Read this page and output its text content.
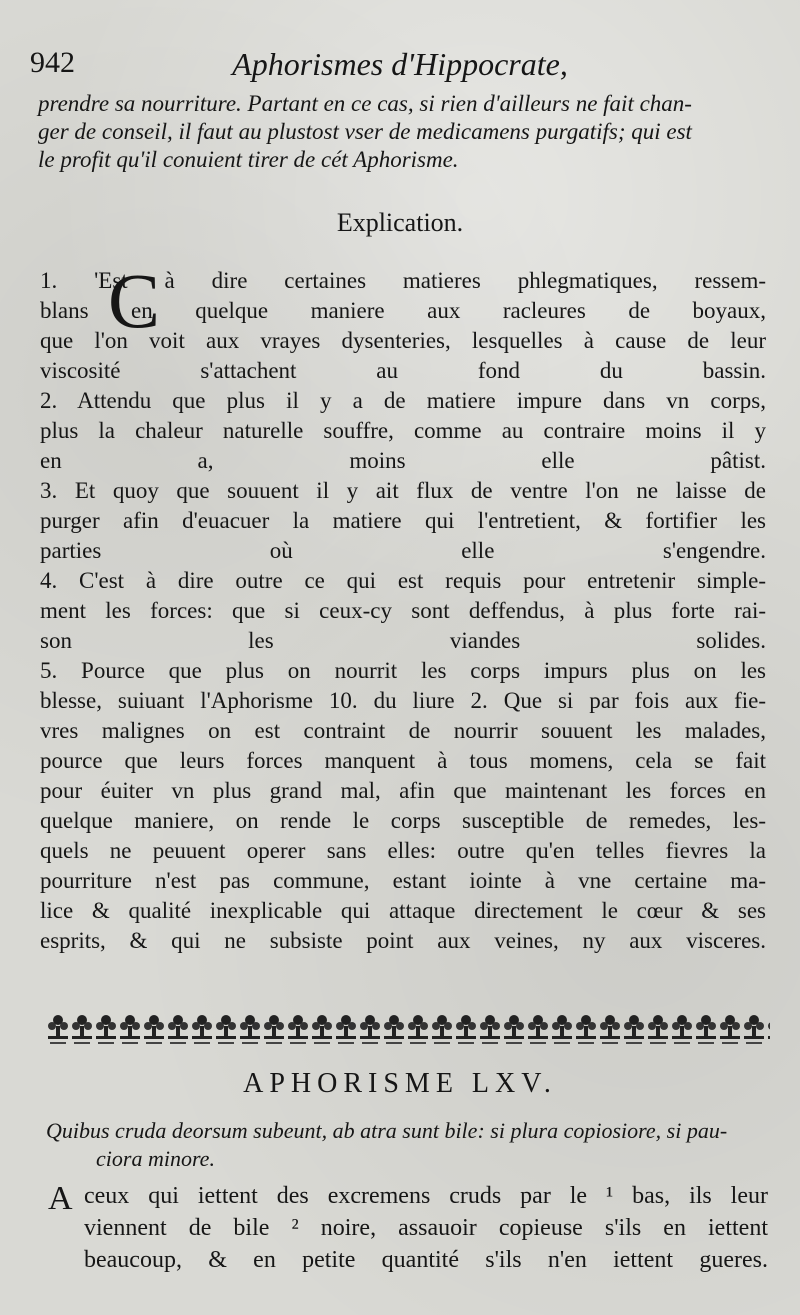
942	Aphorismes d'Hippocrate,
prendre sa nourriture. Partant en ce cas, si rien d'ailleurs ne fait chan-
ger de conseil, il faut au plustost vser de medicamens purgatifs; qui est
le profit qu'il conuient tirer de cét Aphorisme.
Explication.
C
1. 'Est à dire certaines matieres phlegmatiques, ressem-
blans en quelque maniere aux racleures de boyaux,
que l'on voit aux vrayes dysenteries, lesquelles à cause de leur
viscosité s'attachent au fond du bassin.
2. Attendu que plus il y a de matiere impure dans vn corps,
plus la chaleur naturelle souffre, comme au contraire moins il y
en a, moins elle pâtist.
3. Et quoy que souuent il y ait flux de ventre l'on ne laisse de
purger afin d'euacuer la matiere qui l'entretient, & fortifier les
parties où elle s'engendre.
4. C'est à dire outre ce qui est requis pour entretenir simple-
ment les forces: que si ceux-cy sont deffendus, à plus forte rai-
son les viandes solides.
5. Pource que plus on nourrit les corps impurs plus on les
blesse, suiuant l'Aphorisme 10. du liure 2. Que si par fois aux fie-
vres malignes on est contraint de nourrir souuent les malades,
pource que leurs forces manquent à tous momens, cela se fait
pour éuiter vn plus grand mal, afin que maintenant les forces en
quelque maniere, on rende le corps susceptible de remedes, les-
quels ne peuuent operer sans elles: outre qu'en telles fievres la
pourriture n'est pas commune, estant iointe à vne certaine ma-
lice & qualité inexplicable qui attaque directement le cœur & ses
esprits, & qui ne subsiste point aux veines, ny aux visceres.
APHORISME LXV.
Quibus cruda deorsum subeunt, ab atra sunt bile: si plura copiosiore, si pau-
ciora minore.
A ceux qui iettent des excremens cruds par le ¹ bas, ils leur
viennent de bile ² noire, assauoir copieuse s'ils en iettent
beaucoup, & en petite quantité s'ils n'en iettent gueres.
